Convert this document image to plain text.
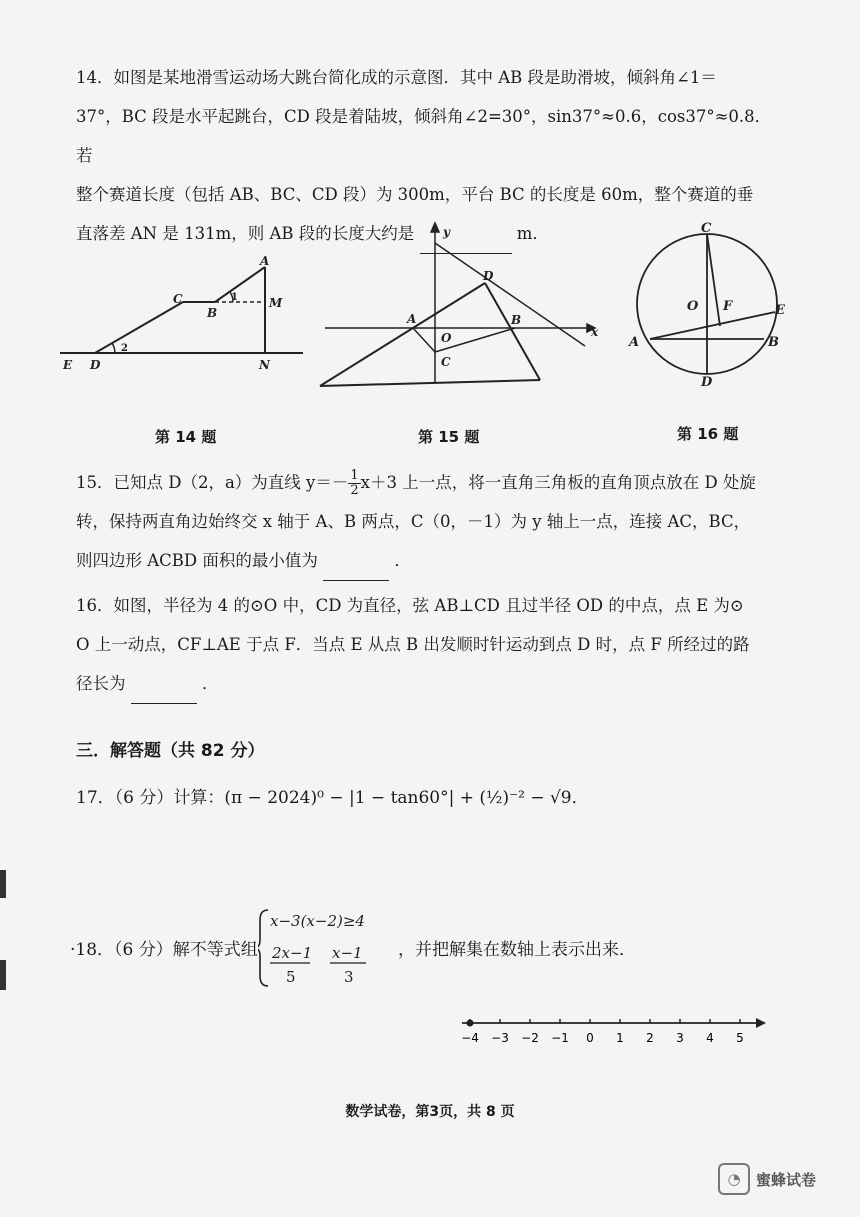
14．如图是某地滑雪运动场大跳台简化成的示意图．其中 AB 段是助滑坡，倾斜角∠1＝
37°，BC 段是水平起跳台，CD 段是着陆坡，倾斜角∠2=30°，sin37°≈0.6，cos37°≈0.8．若
整个赛道长度（包括 AB、BC、CD 段）为 300m，平台 BC 的长度是 60m，整个赛道的垂
直落差 AN 是 131m，则 AB 段的长度大约是	m．
A
B
C
D
E
M
N
1
2
y
x
D
A
O
B
C
C
O F	E
A	B
D
第 14 题	第 15 题	第 16 题
15．已知点 D（2，a）为直线 $y=- \frac{1}{2} x+3$ 上一点，将一直角三角板的直角顶点放在 D 处旋
转，保持两直角边始终交 x 轴于 A、B 两点，C（0，－1）为 y 轴上一点，连接 AC，BC，
则四边形 ACBD 面积的最小值为	．
16．如图，半径为 4 的⊙O 中，CD 为直径，弦 AB⊥CD 且过半径 OD 的中点，点 E 为⊙
O 上一动点，CF⊥AE 于点 F．当点 E 从点 B 出发顺时针运动到点 D 时，点 F 所经过的路
径长为	．
三．解答题（共 82 分）
17．（6 分）计算：(π − 2024)⁰ − |1 − tan60°| + (½)⁻² − √9．
·18．（6 分）解不等式组
x−3(x−2)≥4
2x−1
5
x−1
3
，并把解集在数轴上表示出来．
−4 −3 −2 −1 0 1 2 3 4 5
数学试卷，第3页，共 8 页
◔	蜜蜂试卷
